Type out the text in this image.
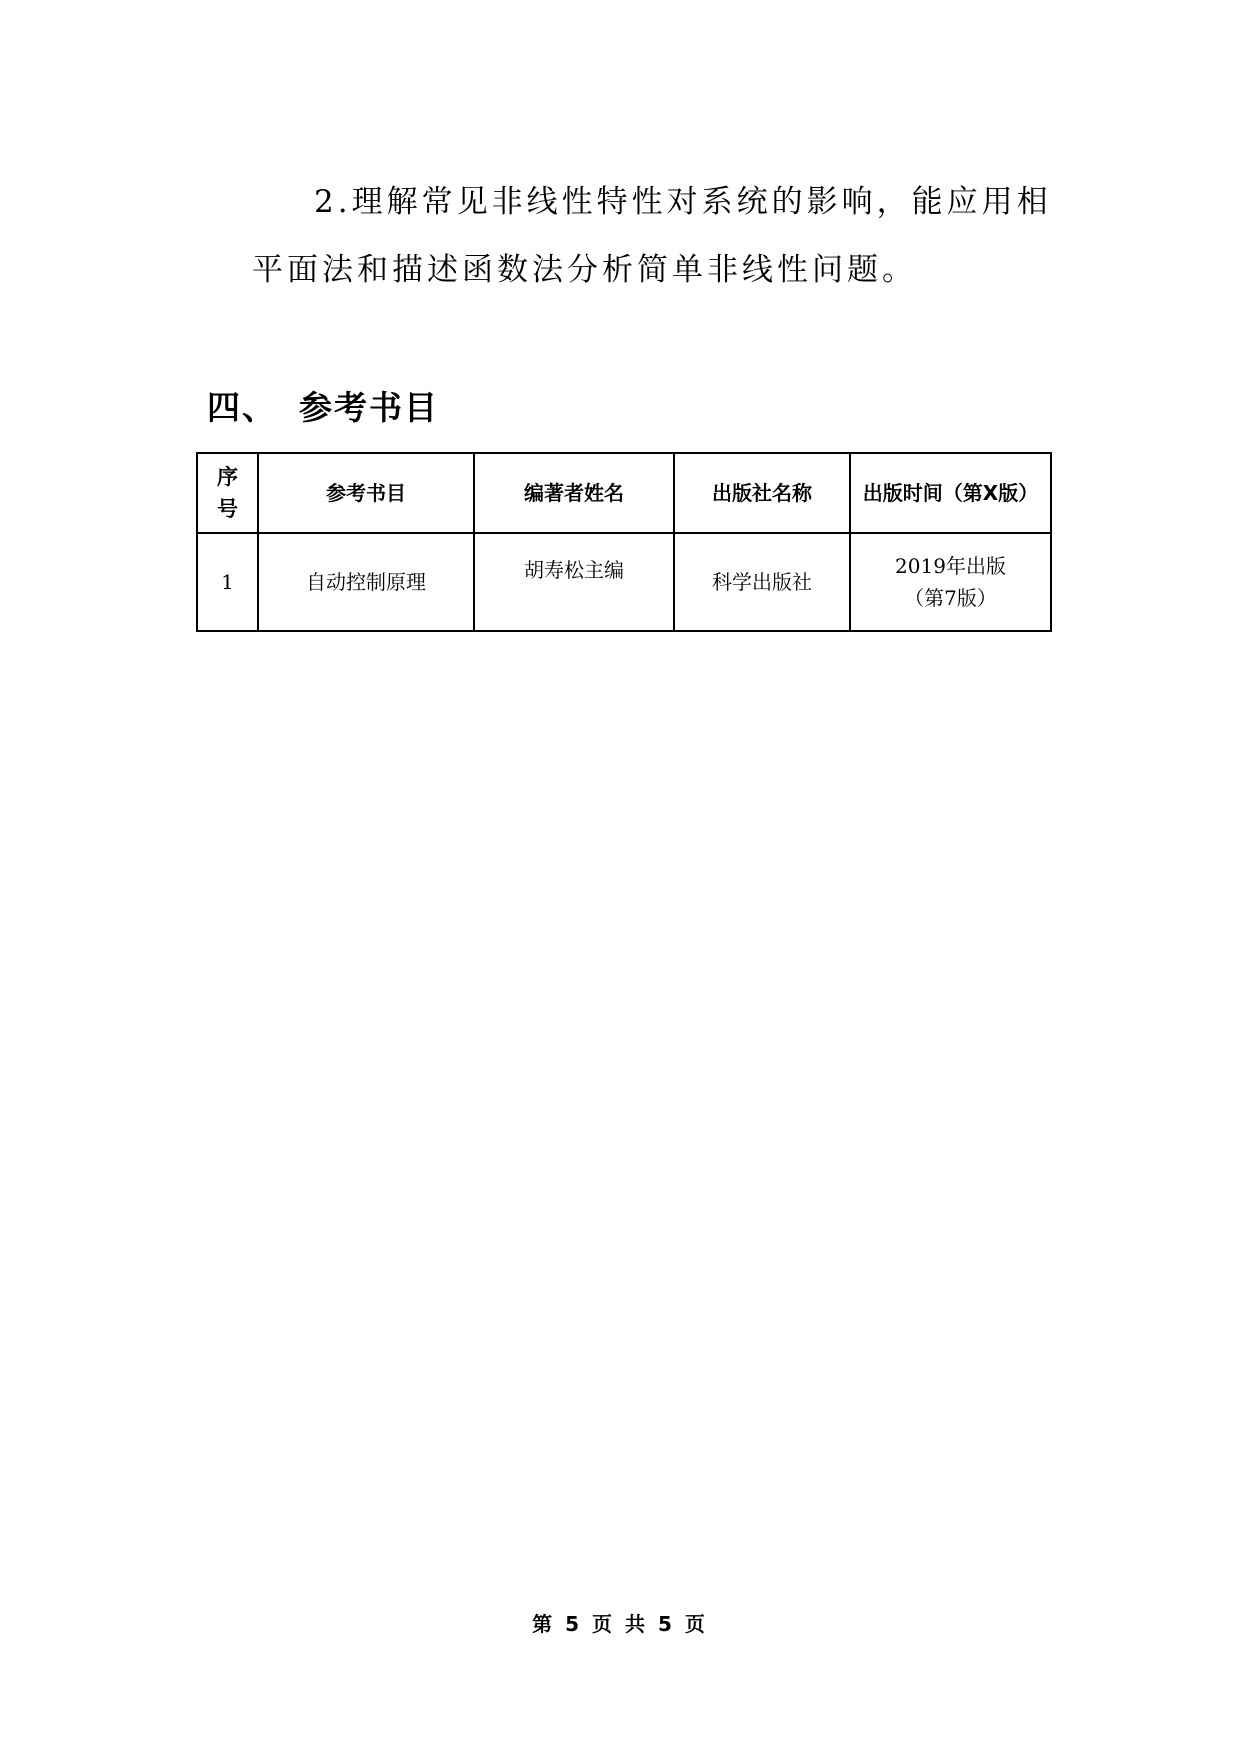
2.理解常见非线性特性对系统的影响，能应用相
平面法和描述函数法分析简单非线性问题。

四、 参考书目
序
号	参考书目	编著者姓名	出版社名称	出版时间（第X版）
1	自动控制原理	胡寿松主编	科学出版社	2019年出版
（第7版）
第 5 页 共 5 页
